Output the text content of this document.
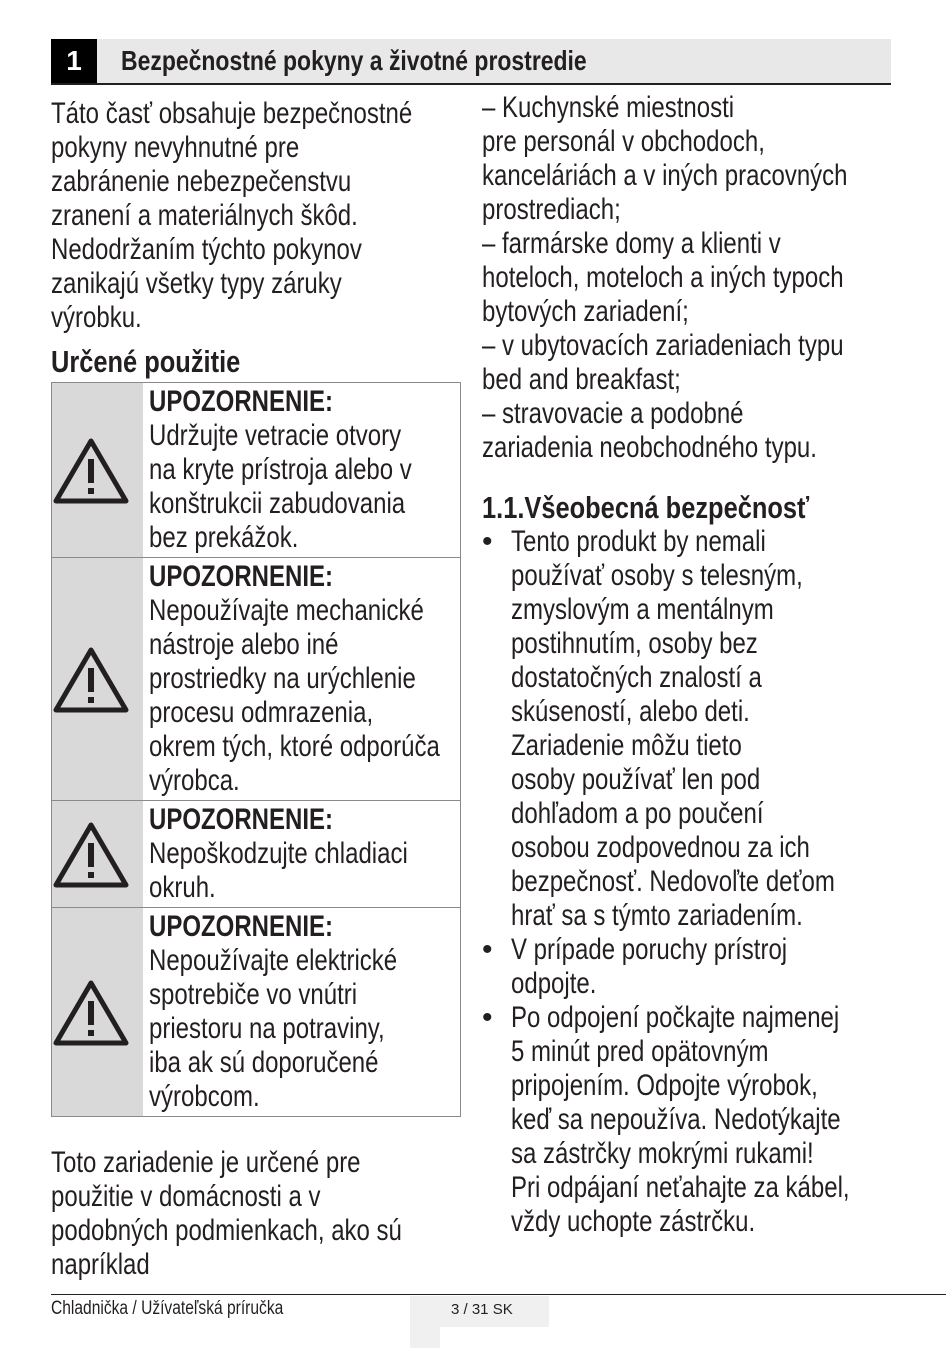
1	Bezpečnostné pokyny a životné prostredie
Táto časť obsahuje bezpečnostné
pokyny nevyhnutné pre
zabránenie nebezpečenstvu
zranení a materiálnych škôd.
Nedodržaním týchto pokynov
zanikajú všetky typy záruky
výrobku.
Určené použitie
UPOZORNENIE:
Udržujte vetracie otvory
na kryte prístroja alebo v
konštrukcii zabudovania
bez prekážok.
UPOZORNENIE:
Nepoužívajte mechanické
nástroje alebo iné
prostriedky na urýchlenie
procesu odmrazenia,
okrem tých, ktoré odporúča
výrobca.
UPOZORNENIE:
Nepoškodzujte chladiaci
okruh.
UPOZORNENIE:
Nepoužívajte elektrické
spotrebiče vo vnútri
priestoru na potraviny,
iba ak sú doporučené
výrobcom.
Toto zariadenie je určené pre
použitie v domácnosti a v
podobných podmienkach, ako sú
napríklad
– Kuchynské miestnosti
pre personál v obchodoch,
kanceláriách a v iných pracovných
prostrediach;
– farmárske domy a klienti v
hoteloch, moteloch a iných typoch
bytových zariadení;
– v ubytovacích zariadeniach typu
bed and breakfast;
– stravovacie a podobné
zariadenia neobchodného typu.
1.1.Všeobecná bezpečnosť
• Tento produkt by nemali
používať osoby s telesným,
zmyslovým a mentálnym
postihnutím, osoby bez
dostatočných znalostí a
skúseností, alebo deti.
Zariadenie môžu tieto
osoby používať len pod
dohľadom a po poučení
osobou zodpovednou za ich
bezpečnosť. Nedovoľte deťom
hrať sa s týmto zariadením.
• V prípade poruchy prístroj
odpojte.
• Po odpojení počkajte najmenej
5 minút pred opätovným
pripojením. Odpojte výrobok,
keď sa nepoužíva. Nedotýkajte
sa zástrčky mokrými rukami!
Pri odpájaní neťahajte za kábel,
vždy uchopte zástrčku.
Chladnička / Užívateľská príručka	3 / 31 SK
